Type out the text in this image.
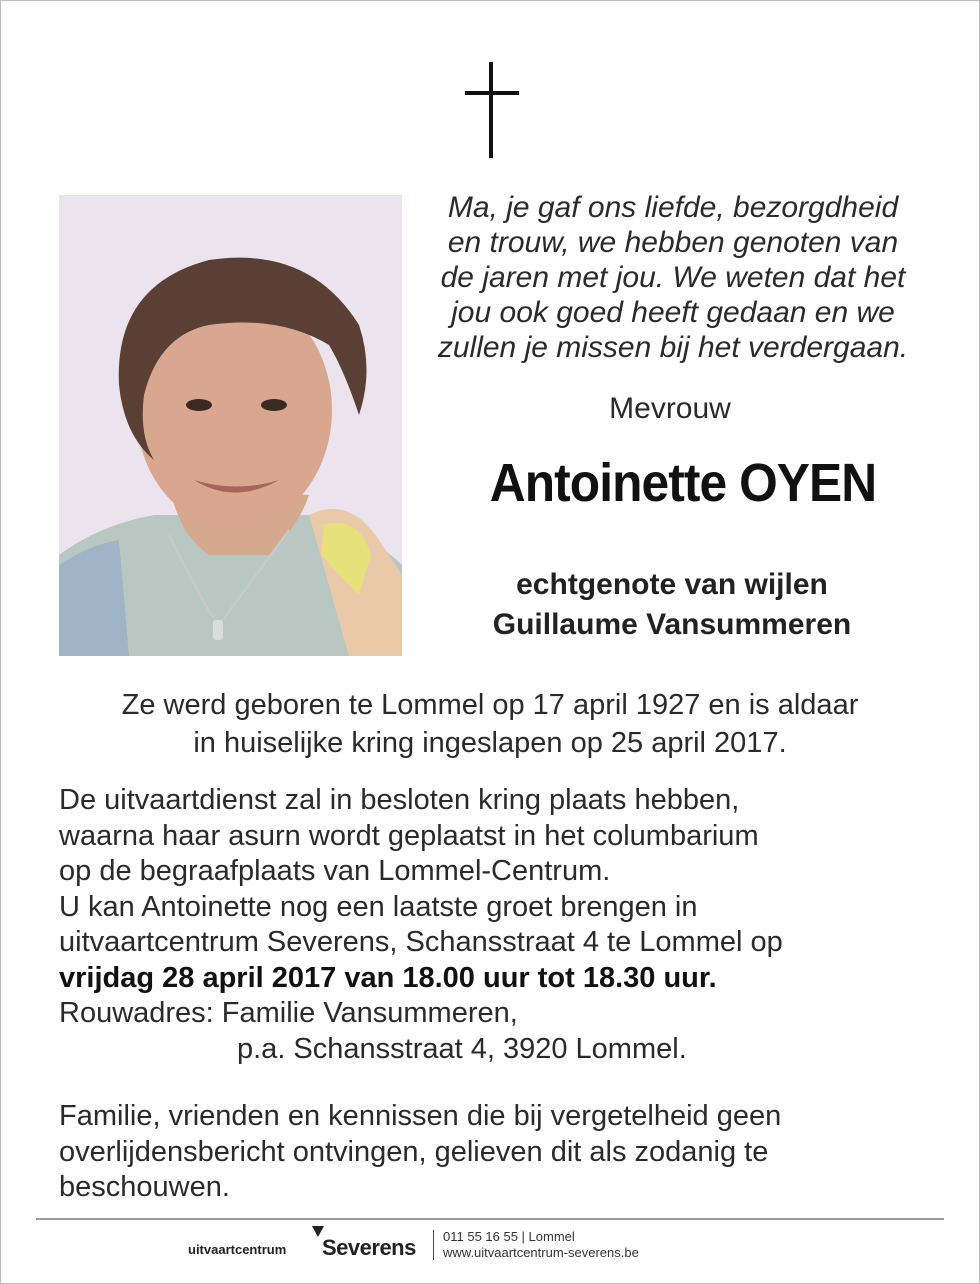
Ma, je gaf ons liefde, bezorgdheid
en trouw, we hebben genoten van
de jaren met jou. We weten dat het
jou ook goed heeft gedaan en we
zullen je missen bij het verdergaan.
Mevrouw
Antoinette OYEN
echtgenote van wijlen
Guillaume Vansummeren
Ze werd geboren te Lommel op 17 april 1927 en is aldaar
in huiselijke kring ingeslapen op 25 april 2017.
De uitvaartdienst zal in besloten kring plaats hebben,
waarna haar asurn wordt geplaatst in het columbarium
op de begraafplaats van Lommel-Centrum.
U kan Antoinette nog een laatste groet brengen in
uitvaartcentrum Severens, Schansstraat 4 te Lommel op
vrijdag 28 april 2017 van 18.00 uur tot 18.30 uur.
Rouwadres: Familie Vansummeren,
p.a. Schansstraat 4, 3920 Lommel.
Familie, vrienden en kennissen die bij vergetelheid geen
overlijdensbericht ontvingen, gelieven dit als zodanig te
beschouwen.
uitvaartcentrum Severens 011 55 16 55 | Lommel
www.uitvaartcentrum-severens.be
